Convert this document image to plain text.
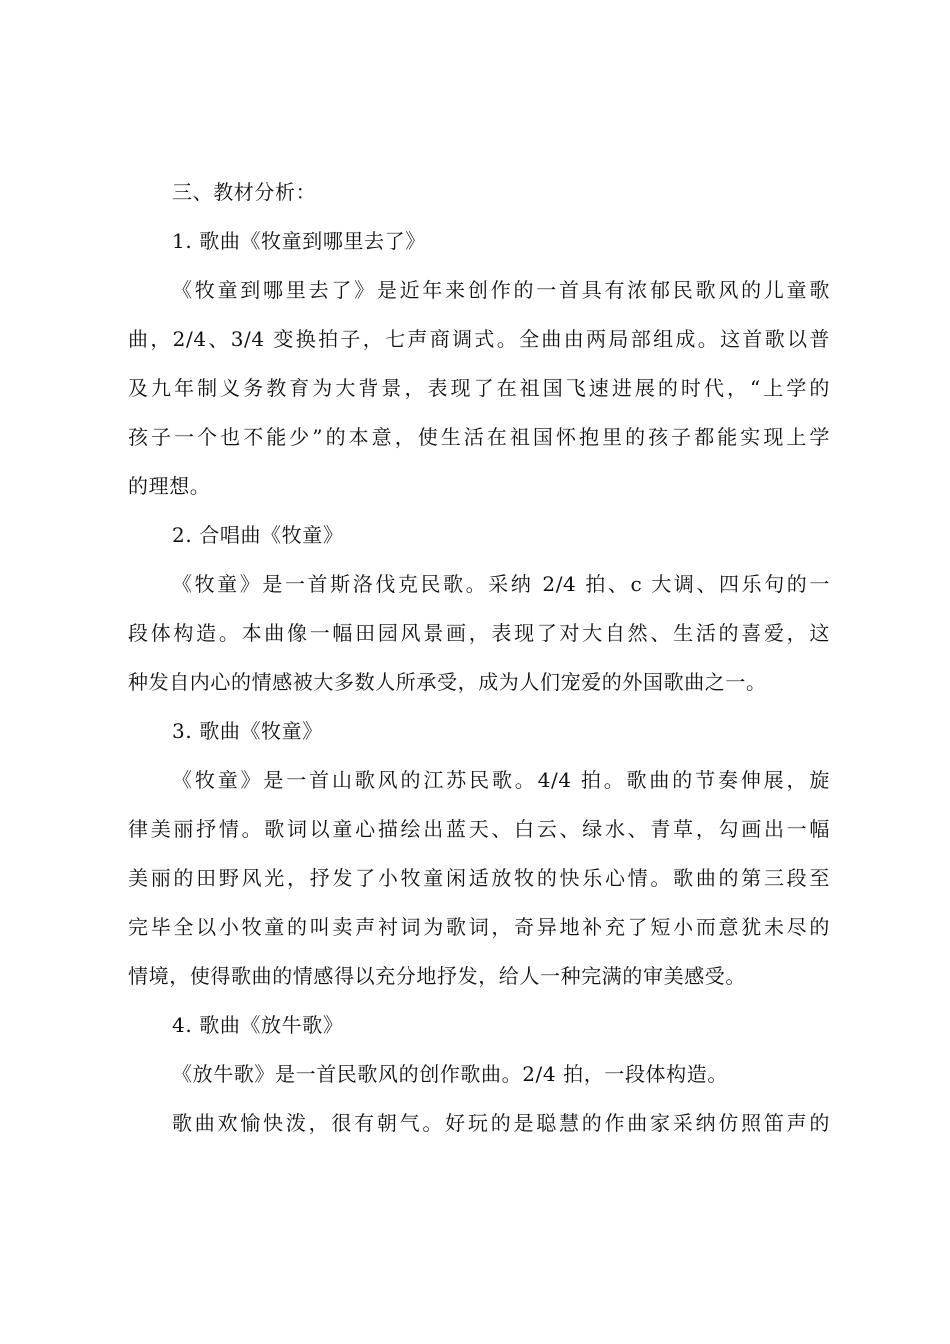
三、教材分析：
1. 歌曲《牧童到哪里去了》
《牧童到哪里去了》是近年来创作的一首具有浓郁民歌风的儿童歌
曲，2/4、3/4 变换拍子，七声商调式。全曲由两局部组成。这首歌以普
及九年制义务教育为大背景，表现了在祖国飞速进展的时代，“上学的
孩子一个也不能少”的本意，使生活在祖国怀抱里的孩子都能实现上学
的理想。
2. 合唱曲《牧童》
《牧童》是一首斯洛伐克民歌。采纳 2/4 拍、c 大调、四乐句的一
段体构造。本曲像一幅田园风景画，表现了对大自然、生活的喜爱，这
种发自内心的情感被大多数人所承受，成为人们宠爱的外国歌曲之一。
3. 歌曲《牧童》
《牧童》是一首山歌风的江苏民歌。4/4 拍。歌曲的节奏伸展，旋
律美丽抒情。歌词以童心描绘出蓝天、白云、绿水、青草，勾画出一幅
美丽的田野风光，抒发了小牧童闲适放牧的快乐心情。歌曲的第三段至
完毕全以小牧童的叫卖声衬词为歌词，奇异地补充了短小而意犹未尽的
情境，使得歌曲的情感得以充分地抒发，给人一种完满的审美感受。
4. 歌曲《放牛歌》
《放牛歌》是一首民歌风的创作歌曲。2/4 拍，一段体构造。
歌曲欢愉快泼，很有朝气。好玩的是聪慧的作曲家采纳仿照笛声的
